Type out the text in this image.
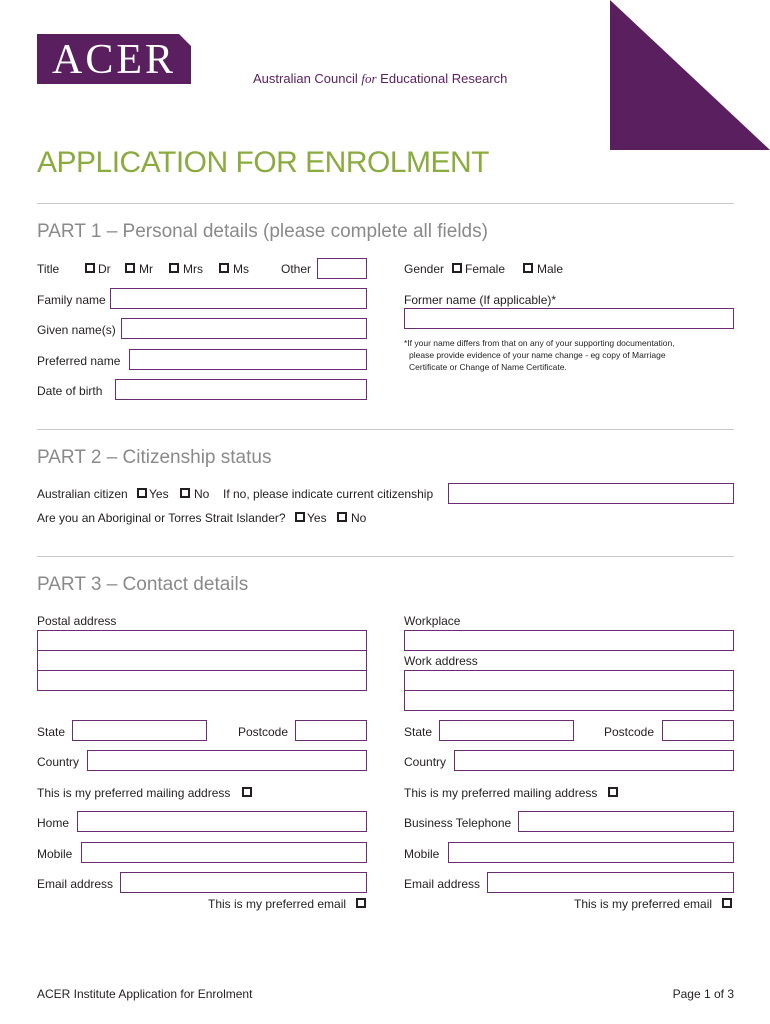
ACER	Australian Council for Educational Research
APPLICATION FOR ENROLMENT
PART 1 – Personal details (please complete all fields)
Title	Dr Mr	Mrs	Ms	Other	Gender Female	Male
Family name	Former name (If applicable)*
Given name(s)
*If your name differs from that on any of your supporting documentation,
please provide evidence of your name change - eg copy of Marriage
Certificate or Change of Name Certificate.
Preferred name
Date of birth
PART 2 – Citizenship status
Australian citizen Yes No If no, please indicate current citizenship
Are you an Aboriginal or Torres Strait Islander? Yes No
PART 3 – Contact details
Postal address	Workplace
Work address
State	Postcode	State	Postcode
Country	Country
This is my preferred mailing address	This is my preferred mailing address
Home	Business Telephone
Mobile	Mobile
Email address	Email address
This is my preferred email	This is my preferred email
ACER Institute Application for Enrolment	Page 1 of 3
